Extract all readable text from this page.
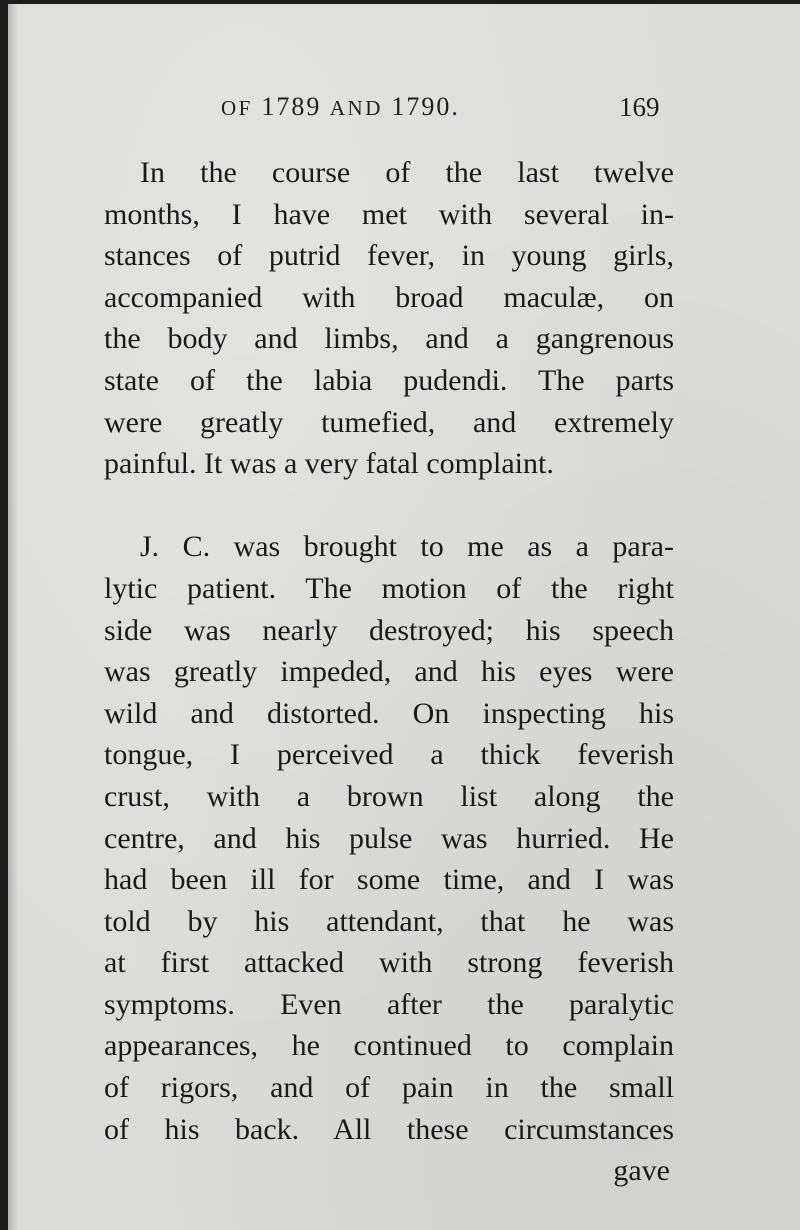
OF 1789 AND 1790.	169
In the course of the last twelve
months, I have met with several in-
stances of putrid fever, in young girls,
accompanied with broad maculæ, on
the body and limbs, and a gangrenous
state of the labia pudendi. The parts
were greatly tumefied, and extremely
painful. It was a very fatal complaint.
J. C. was brought to me as a para-
lytic patient. The motion of the right
side was nearly destroyed; his speech
was greatly impeded, and his eyes were
wild and distorted. On inspecting his
tongue, I perceived a thick feverish
crust, with a brown list along the
centre, and his pulse was hurried. He
had been ill for some time, and I was
told by his attendant, that he was
at first attacked with strong feverish
symptoms. Even after the paralytic
appearances, he continued to complain
of rigors, and of pain in the small
of his back. All these circumstances
gave
